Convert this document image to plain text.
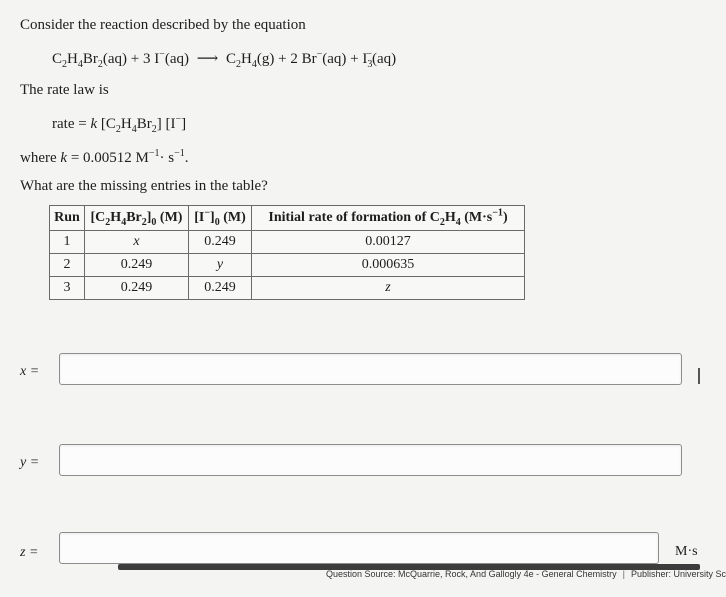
Consider the reaction described by the equation
$C_2H_4Br_2(aq) + 3$ I−(aq) ⟶ $C_2H_4(g) + 2$ $Br^-(aq) + I_3^-(aq)$
The rate law is
rate = k $[C_2H_4Br_2]$ [I−]
where k = 0.00512 $M^{-1}\cdot s^{-1}$.
What are the missing entries in the table?
Run	$[C_2H_4Br_2]_0$ (M)	$[I^-]_0$ (M)	Initial rate of formation of $C_2H_4$ $(M\cdot s^{-1})$
1	x	0.249	0.00127
2	0.249	y	0.000635
3	0.249	0.249	z
x =
y =
z =	M·s
Question Source: McQuarrie, Rock, And Gallogly 4e - General Chemistry | Publisher: University Sc
